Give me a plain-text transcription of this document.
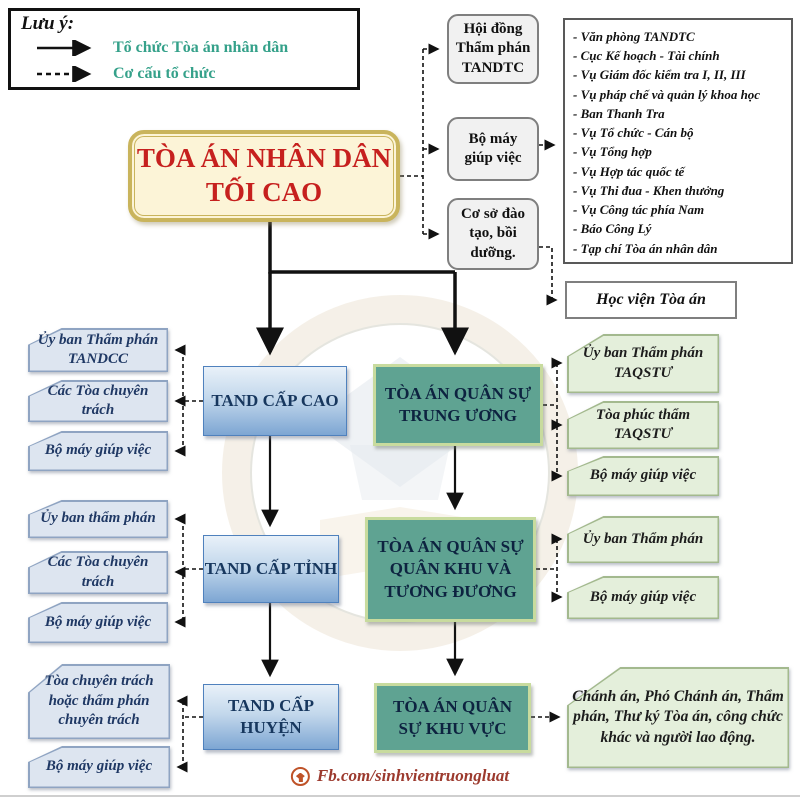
Lưu ý:
Tổ chức Tòa án nhân dân
Cơ cấu tổ chức
TÒA ÁN NHÂN DÂN TỐI CAO
Hội đồng Thẩm phán TANDTC
Bộ máy giúp việc
Cơ sở đào tạo, bồi dưỡng.
- Văn phòng TANDTC
- Cục Kế hoạch - Tài chính
- Vụ Giám đốc kiểm tra I, II, III
- Vụ pháp chế và quản lý khoa học
- Ban Thanh Tra
- Vụ Tổ chức - Cán bộ
- Vụ Tổng hợp
- Vụ Hợp tác quốc tế
- Vụ Thi đua - Khen thưởng
- Vụ Công tác phía Nam
- Báo Công Lý
- Tạp chí Tòa án nhân dân
Học viện Tòa án
TAND CẤP CAO
TAND CẤP TỈNH
TAND CẤP HUYỆN
TÒA ÁN QUÂN SỰ TRUNG ƯƠNG
TÒA ÁN QUÂN SỰ QUÂN KHU VÀ TƯƠNG ĐƯƠNG
TÒA ÁN QUÂN SỰ KHU VỰC
Ủy ban Thẩm phán TANDCC
Các Tòa chuyên trách
Bộ máy giúp việc
Ủy ban thẩm phán
Các Tòa chuyên trách
Bộ máy giúp việc
Tòa chuyên trách hoặc thẩm phán chuyên trách
Bộ máy giúp việc
Ủy ban Thẩm phán TAQSTƯ
Tòa phúc thẩm TAQSTƯ
Bộ máy giúp việc
Ủy ban Thẩm phán
Bộ máy giúp việc
Chánh án, Phó Chánh án, Thẩm phán, Thư ký Tòa án, công chức khác và người lao động.
Fb.com/sinhvientruongluat
